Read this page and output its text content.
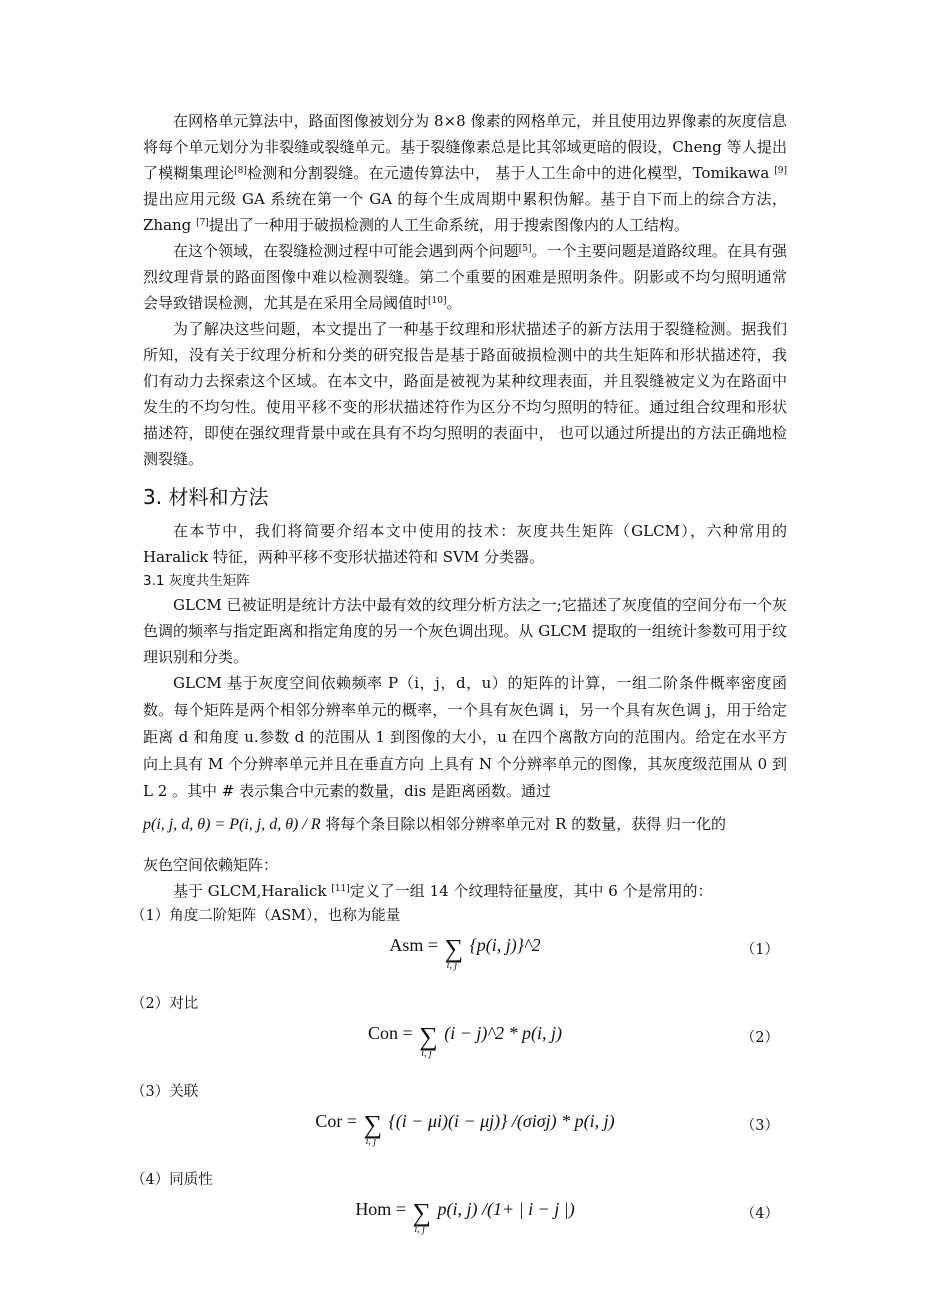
在网格单元算法中，路面图像被划分为 8×8 像素的网格单元，并且使用边界像素的灰度信息将每个单元划分为非裂缝或裂缝单元。基于裂缝像素总是比其邻域更暗的假设，Cheng 等人提出了模糊集理论[8]检测和分割裂缝。在元遗传算法中， 基于人工生命中的进化模型，Tomikawa [9]提出应用元级 GA 系统在第一个 GA 的每个生成周期中累积伪解。基于自下而上的综合方法，Zhang [7]提出了一种用于破损检测的人工生命系统，用于搜索图像内的人工结构。

在这个领域，在裂缝检测过程中可能会遇到两个问题[5]。一个主要问题是道路纹理。在具有强烈纹理背景的路面图像中难以检测裂缝。第二个重要的困难是照明条件。阴影或不均匀照明通常会导致错误检测，尤其是在采用全局阈值时[10]。

为了解决这些问题，本文提出了一种基于纹理和形状描述子的新方法用于裂缝检测。据我们所知，没有关于纹理分析和分类的研究报告是基于路面破损检测中的共生矩阵和形状描述符，我们有动力去探索这个区域。在本文中，路面是被视为某种纹理表面，并且裂缝被定义为在路面中发生的不均匀性。使用平移不变的形状描述符作为区分不均匀照明的特征。通过组合纹理和形状描述符，即使在强纹理背景中或在具有不均匀照明的表面中， 也可以通过所提出的方法正确地检测裂缝。

3. 材料和方法

在本节中，我们将简要介绍本文中使用的技术：灰度共生矩阵（GLCM），六种常用的 Haralick 特征，两种平移不变形状描述符和 SVM 分类器。

3.1 灰度共生矩阵

GLCM 已被证明是统计方法中最有效的纹理分析方法之一;它描述了灰度值的空间分布一个灰色调的频率与指定距离和指定角度的另一个灰色调出现。从 GLCM 提取的一组统计参数可用于纹理识别和分类。

GLCM 基于灰度空间依赖频率 P（i，j，d，u）的矩阵的计算，一组二阶条件概率密度函数。每个矩阵是两个相邻分辨率单元的概率，一个具有灰色调 i，另一个具有灰色调 j，用于给定距离 d 和角度 u.参数 d 的范围从 1 到图像的大小，u 在四个离散方向的范围内。给定在水平方向上具有 M 个分辨率单元并且在垂直方向 上具有 N 个分辨率单元的图像，其灰度级范围从 0 到 L 2 。其中 # 表示集合中元素的数量，dis 是距离函数。通过
p(i, j, d, θ) = P(i, j, d, θ) / R 将每个条目除以相邻分辨率单元对 R 的数量，获得 归一化的

灰色空间依赖矩阵：

基于 GLCM,Haralick [11]定义了一组 14 个纹理特征量度，其中 6 个是常用的：

（1）角度二阶矩阵（ASM），也称为能量
Asm = ∑
i, j
{p(i, j)}^2	（1）
（2）对比
Con = ∑
i, j
(i − j)^2 * p(i, j)	（2）
（3）关联
Cor = ∑
i, j
{(i − μi)(i − μj)} /(σiσj) * p(i, j)	（3）
（4）同质性
Hom = ∑
i, j
p(i, j) /(1+ | i − j |)	（4）
